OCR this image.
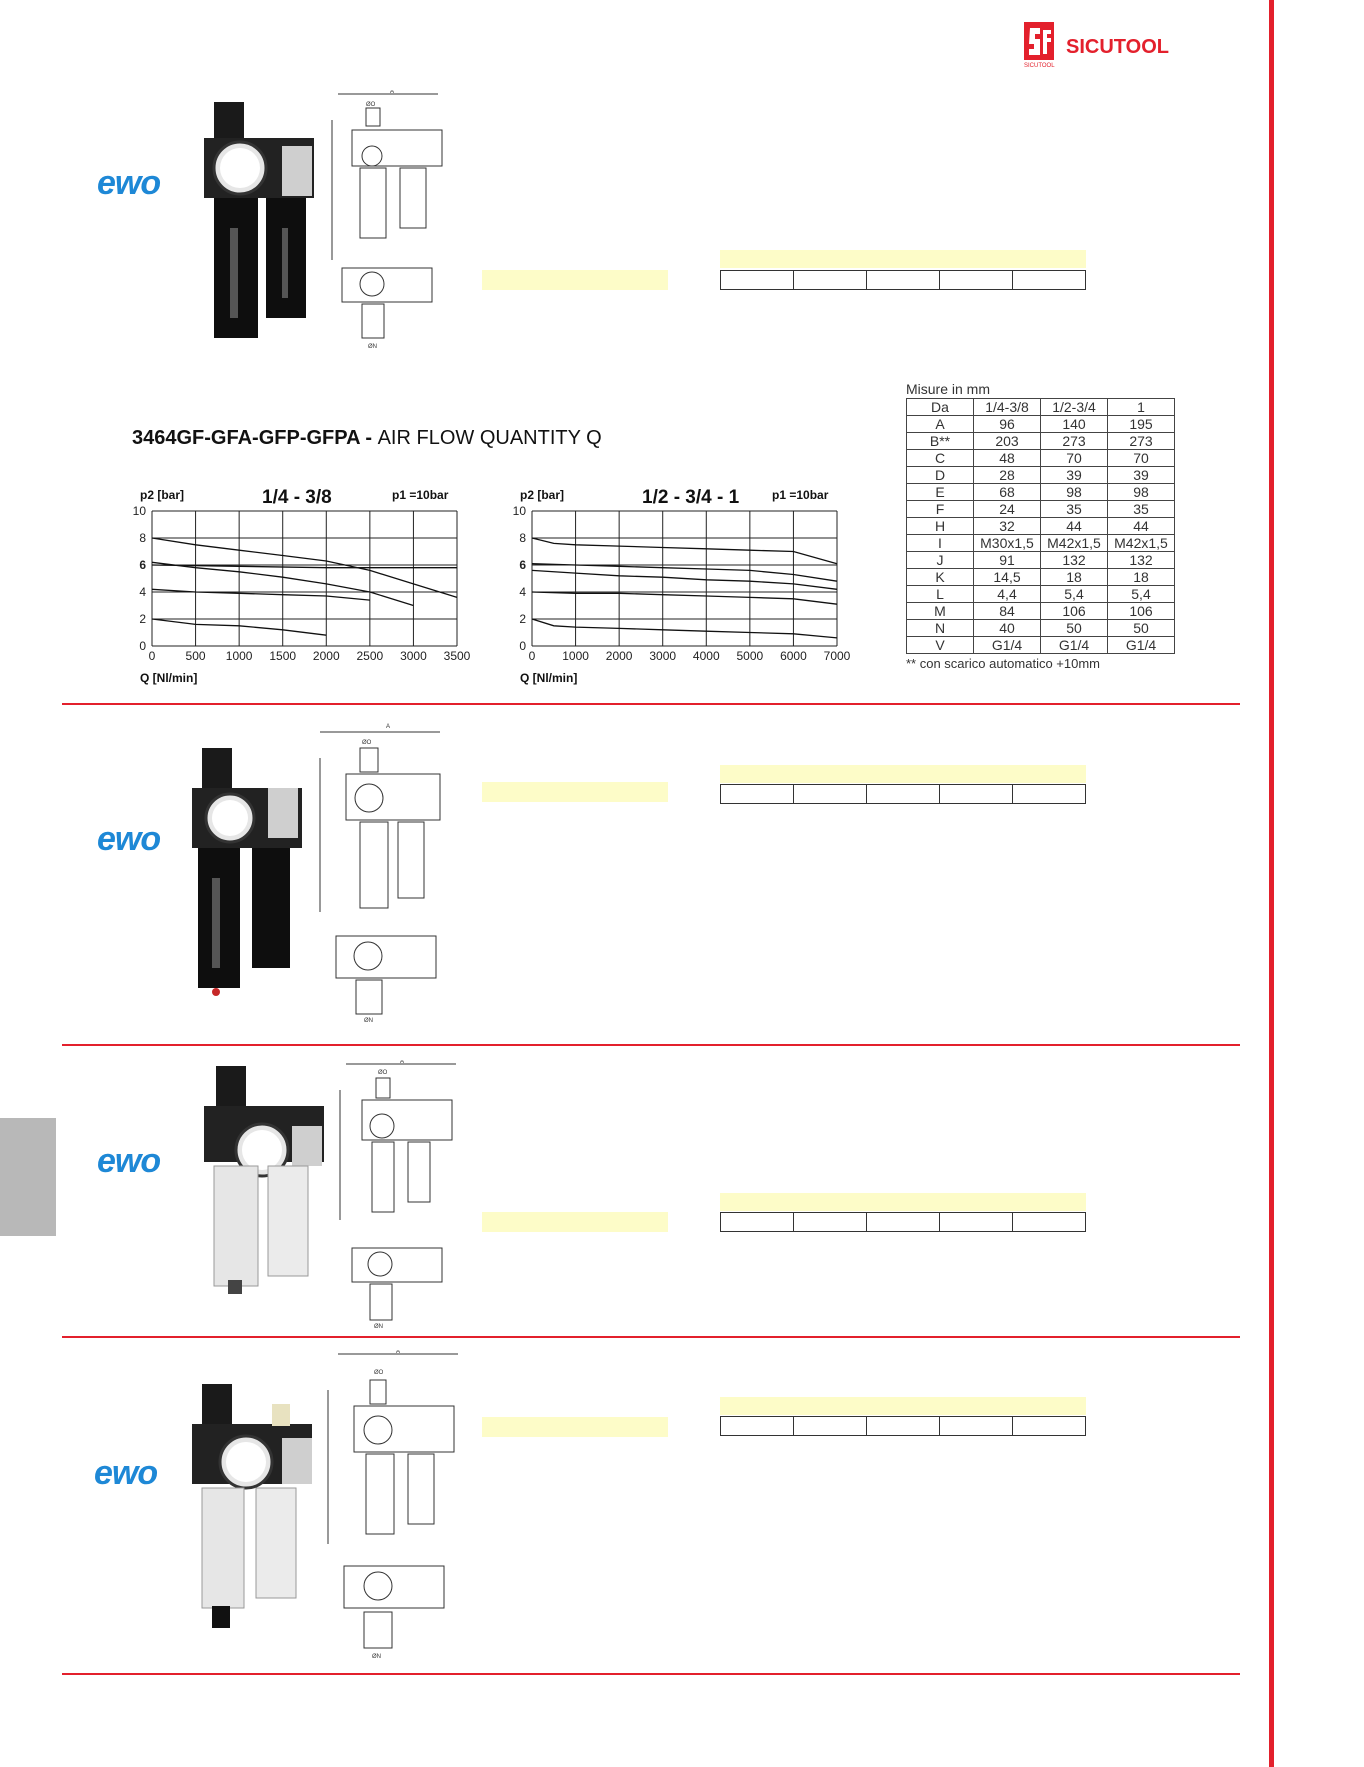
SICUTOOL
SICUTOOL
ewo
A
ØO
ØN

3464GF-GFA-GFP-GFPA - AIR FLOW QUANTITY Q
0	500 1000 1500 2000 2500 3000 3500
0
2
4
6
8
10
p2 [bar]	1/4 - 3/8	p1 =10bar
Q [Nl/min]
0 1000 2000 3000 4000 5000 6000 7000
0
2
4
6
8
10
p2 [bar]	1/2 - 3/4 - 1	p1 =10bar
Q [Nl/min]
Misure in mm
Da	1/4-3/8	1/2-3/4	1
A	96	140	195
B**	203	273	273
C	48	70	70
D	28	39	39
E	68	98	98
F	24	35	35
H	32	44	44
I	M30x1,5	M42x1,5	M42x1,5
J	91	132	132
K	14,5	18	18
L	4,4	5,4	5,4
M	84	106	106
N	40	50	50
V	G1/4	G1/4	G1/4
** con scarico automatico +10mm
ewo
A
ØO
ØN

ewo
A
ØO
ØN

ewo
A
ØO
ØN
